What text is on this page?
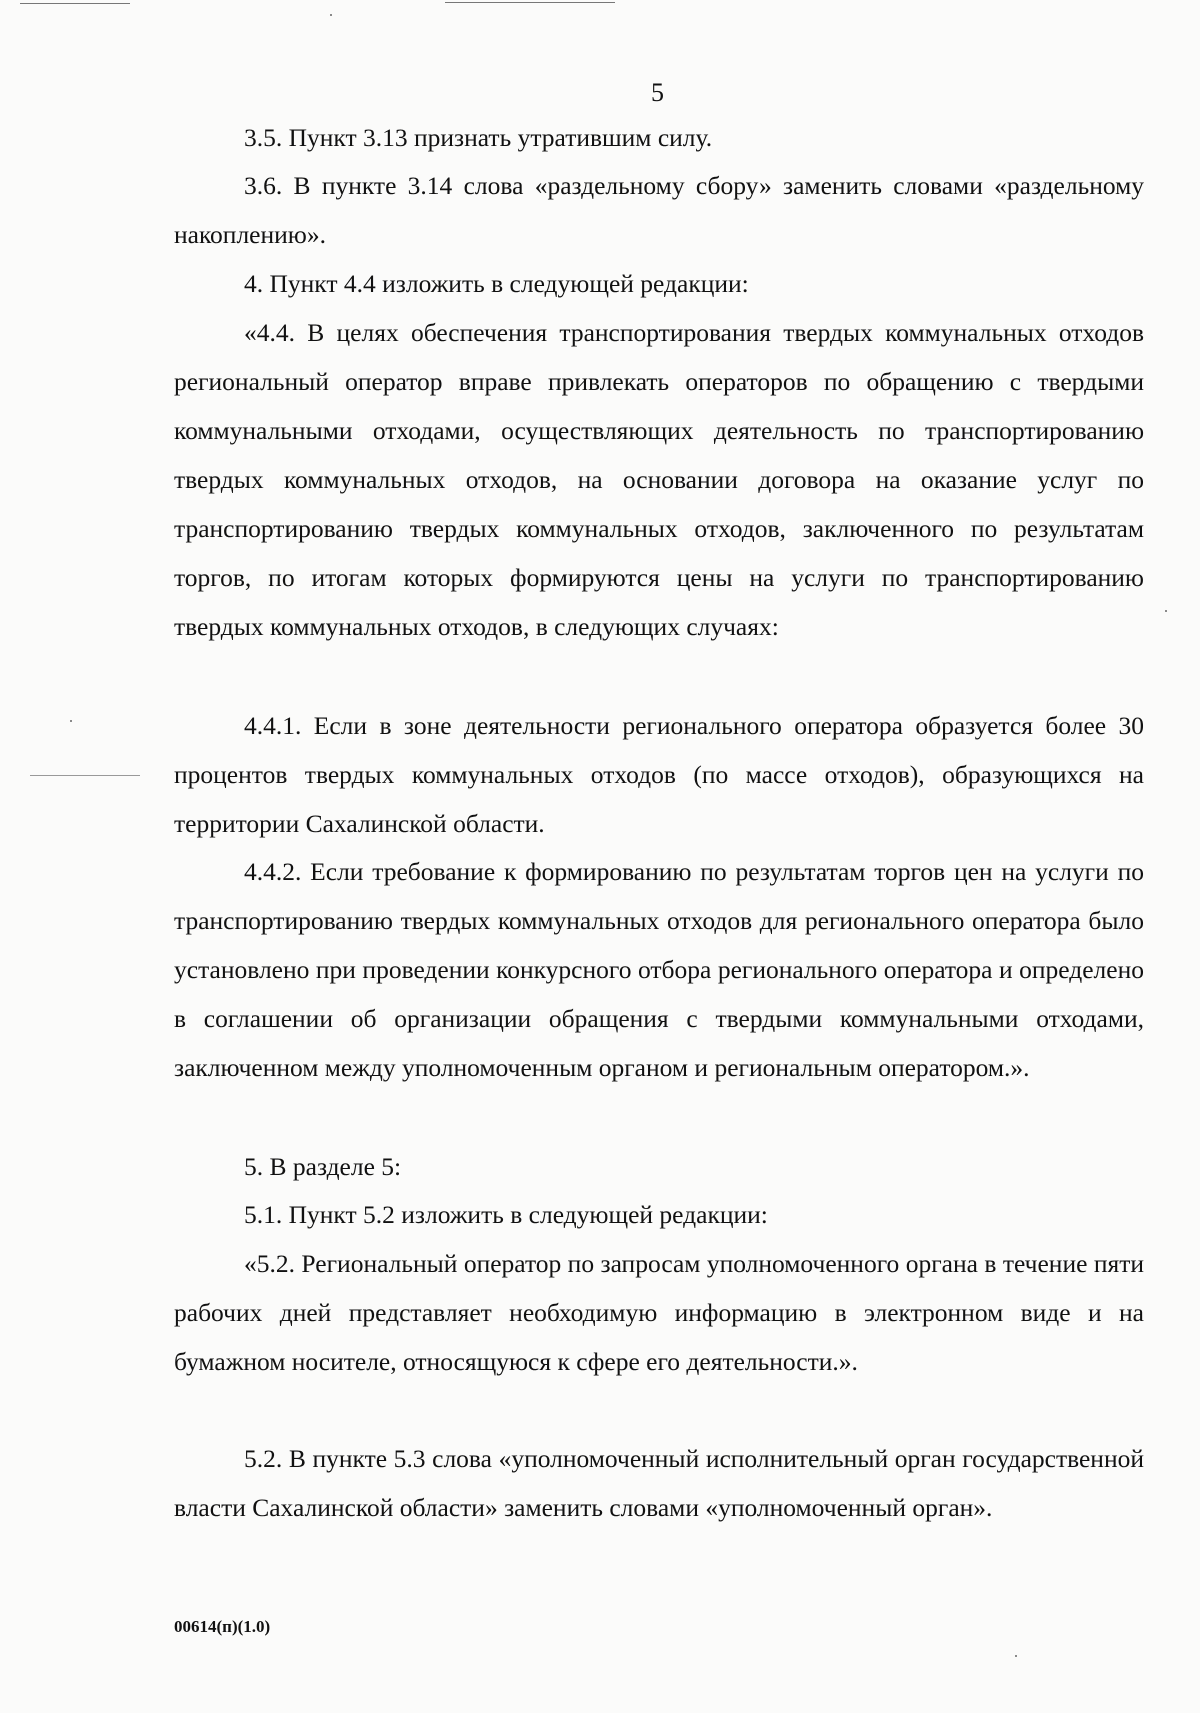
5

3.5. Пункт 3.13 признать утратившим силу.

3.6. В пункте 3.14 слова «раздельному сбору» заменить словами «раздельному накоплению».

4. Пункт 4.4 изложить в следующей редакции:

«4.4. В целях обеспечения транспортирования твердых коммунальных отходов региональный оператор вправе привлекать операторов по обращению с твердыми коммунальными отходами, осуществляющих деятельность по транспортированию твердых коммунальных отходов, на основании договора на оказание услуг по транспортированию твердых коммунальных отходов, заключенного по результатам торгов, по итогам которых формируются цены на услуги по транспортированию твердых коммунальных отходов, в следующих случаях:

4.4.1. Если в зоне деятельности регионального оператора образуется более 30 процентов твердых коммунальных отходов (по массе отходов), образующихся на территории Сахалинской области.

4.4.2. Если требование к формированию по результатам торгов цен на услуги по транспортированию твердых коммунальных отходов для регионального оператора было установлено при проведении конкурсного отбора регионального оператора и определено в соглашении об организации обращения с твердыми коммунальными отходами, заключенном между уполномоченным органом и региональным оператором.».

5. В разделе 5:

5.1. Пункт 5.2 изложить в следующей редакции:

«5.2. Региональный оператор по запросам уполномоченного органа в течение пяти рабочих дней представляет необходимую информацию в электронном виде и на бумажном носителе, относящуюся к сфере его деятельности.».

5.2. В пункте 5.3 слова «уполномоченный исполнительный орган государственной власти Сахалинской области» заменить словами «уполномоченный орган».

00614(п)(1.0)
